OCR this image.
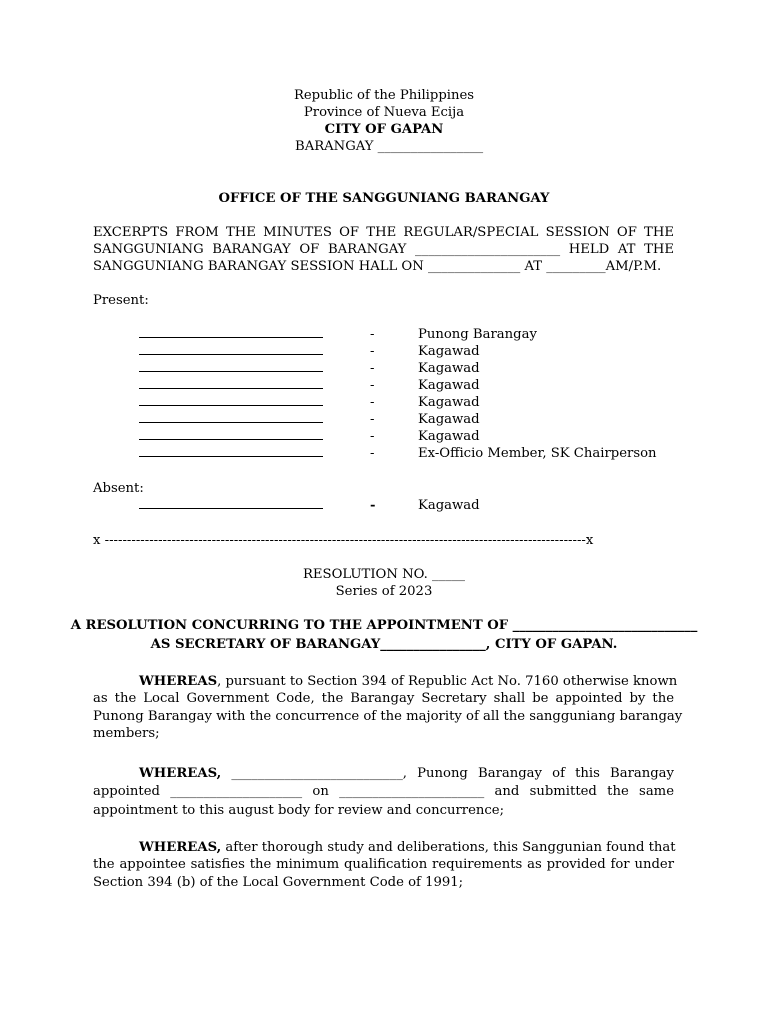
Republic of the Philippines
Province of Nueva Ecija
CITY OF GAPAN
BARANGAY ________________
OFFICE OF THE SANGGUNIANG BARANGAY
EXCERPTS FROM THE MINUTES OF THE REGULAR/SPECIAL SESSION OF THE
SANGGUNIANG BARANGAY OF BARANGAY ______________________ HELD AT THE
SANGGUNIANG BARANGAY SESSION HALL ON ______________ AT _________AM/P.M.
Present:
-	Punong Barangay
-	Kagawad
-	Kagawad
-	Kagawad
-	Kagawad
-	Kagawad
-	Kagawad
-	Ex-Officio Member, SK Chairperson
Absent:
-	Kagawad
x ------------------------------------------------------------------------------------------------------------x
RESOLUTION NO. _____
Series of 2023
A RESOLUTION CONCURRING TO THE APPOINTMENT OF ____________________________
AS SECRETARY OF BARANGAY________________, CITY OF GAPAN.
WHEREAS, pursuant to Section 394 of Republic Act No. 7160 otherwise known
as the Local Government Code, the Barangay Secretary shall be appointed by the
Punong Barangay with the concurrence of the majority of all the sangguniang barangay
members;
WHEREAS, __________________________, Punong Barangay of this Barangay
appointed ____________________ on ______________________ and submitted the same
appointment to this august body for review and concurrence;
WHEREAS, after thorough study and deliberations, this Sanggunian found that
the appointee satisfies the minimum qualification requirements as provided for under
Section 394 (b) of the Local Government Code of 1991;
